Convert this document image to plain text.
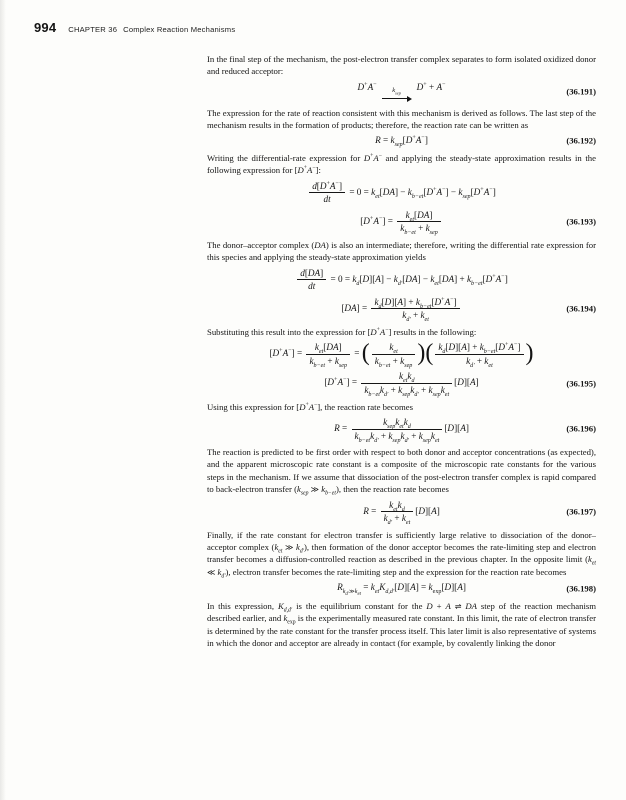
994 CHAPTER 36 Complex Reaction Mechanisms

In the final step of the mechanism, the post-electron transfer complex separates to form isolated oxidized donor and reduced acceptor:

D+A−
$k_{sep}$
D+ + A−
(36.191)

The expression for the rate of reaction consistent with this mechanism is derived as follows. The last step of the mechanism results in the formation of products; therefore, the reaction rate can be written as

$R = k_{sep}[D^+A^-]$	(36.192)

Writing the differential-rate expression for D+A− and applying the steady-state approximation results in the following expression for [D+A−]:

$\frac{d[D^+A^-]}{dt} = 0 = k_{et}[DA] - k_{b-et}[D^+A^-] - k_{sep}[D^+A^-]$
[D+A−] =
$k_{et}[DA]$
$k_{b-et} + k_{sep}$
(36.193)

The donor–acceptor complex (DA) is also an intermediate; therefore, writing the differential rate expression for this species and applying the steady-state approximation yields

$\frac{d[DA]}{dt} = 0 = k_d[D][A] - k_{d'}[DA] - k_{et}[DA] + k_{b-et}[D^+A^-]$
[DA] =
$k_d[D][A] + k_{b-et}[D^+A^-]$
$k_{d'} + k_{et}$
(36.194)

Substituting this result into the expression for [D+A−] results in the following:

[D+A−] =
$k_{et}[DA]$
$k_{b-et} + k_{sep}$
= (	$k_{et}$
$k_{b-et} + k_{sep}$ )( $k_d[D][A] + k_{b-et}[D^+A^-]$
$k_{d'} + k_{et}$	)
[D+A−] =
$k_{et}k_d$
$k_{b-et}k_{d'} + k_{sep}k_{d'} + k_{sep}k_{et}$
[D][A]	(36.195)

Using this expression for [D+A−], the reaction rate becomes

R =
$k_{sep}k_{et}k_d$
$k_{b-et}k_{d'} + k_{sep}k_{d'} + k_{sep}k_{et}$
[D][A]	(36.196)

The reaction is predicted to be first order with respect to both donor and acceptor concentrations (as expected), and the apparent microscopic rate constant is a composite of the microscopic rate constants for the various steps in the mechanism. If we assume that dissociation of the post-electron transfer complex is rapid compared to back-electron transfer ($k_{sep}$ ≫ $k_{b-et}$), then the reaction rate becomes

R =
$k_{et}k_d$
$k_{d'} + k_{et}$
[D][A]	(36.197)

Finally, if the rate constant for electron transfer is sufficiently large relative to dissociation of the donor–acceptor complex ($k_{et}$ ≫ $k_{d'}$), then formation of the donor acceptor becomes the rate-limiting step and electron transfer becomes a diffusion-controlled reaction as described in the previous chapter. In the opposite limit ($k_{et}$ ≪ $k_{d'}$), electron transfer becomes the rate-limiting step and the expression for the reaction rate becomes

$R_{k_{d'}≫k_{et}} = k_{et}K_{d,d'}[D][A] = k_{exp}[D][A]$	(36.198)

In this expression, $K_{d,d'}$ is the equilibrium constant for the D + A ⇌ DA step of the reaction mechanism described earlier, and $k_{exp}$ is the experimentally measured rate constant. In this limit, the rate of electron transfer is determined by the rate constant for the transfer process itself. This later limit is also representative of systems in which the donor and acceptor are already in contact (for example, by covalently linking the donor
